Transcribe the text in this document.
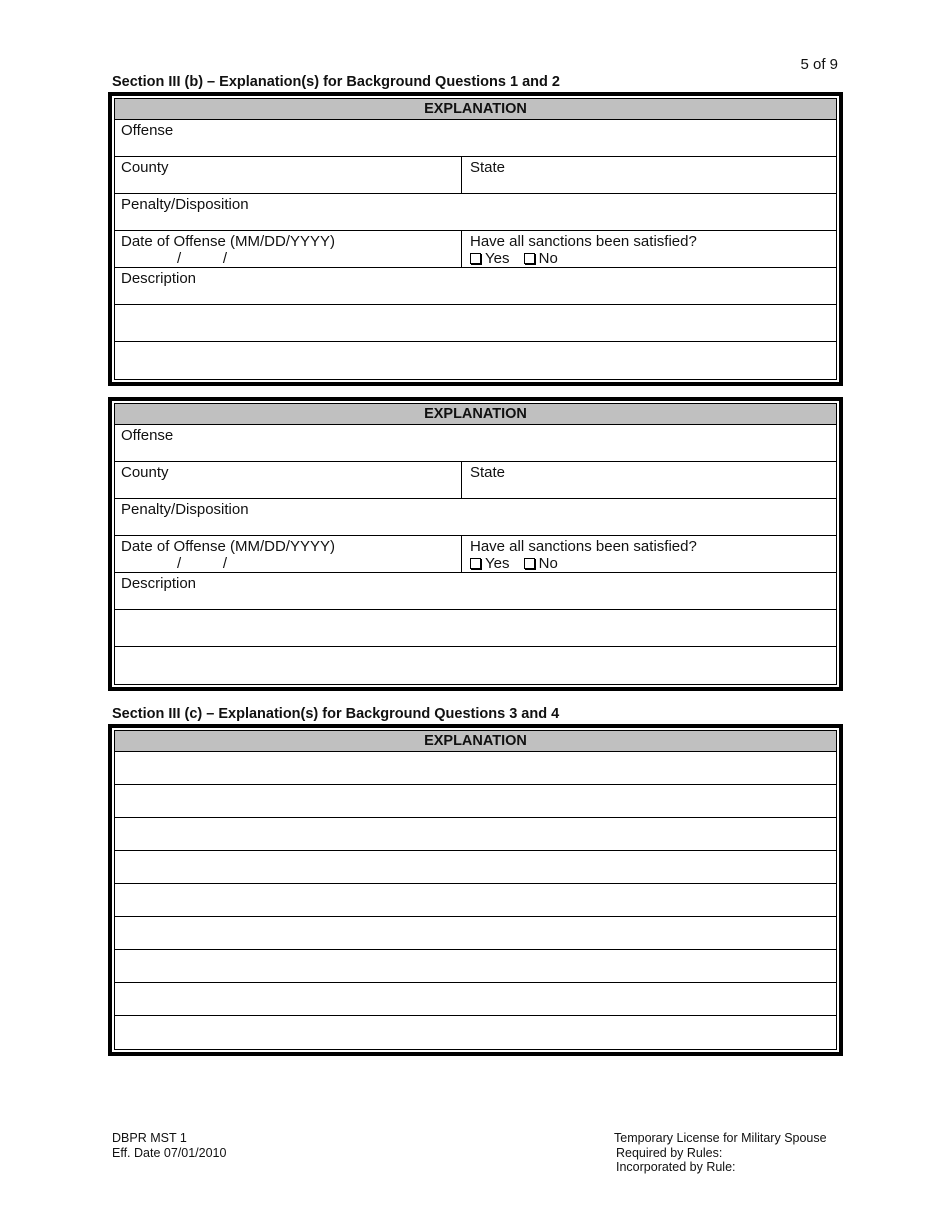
5 of 9
Section III (b) – Explanation(s) for Background Questions 1 and 2
EXPLANATION
Offense
County	State
Penalty/Disposition
Date of Offense (MM/DD/YYYY)
/          /
Have all sanctions been satisfied?
Yes No
Description
EXPLANATION
Offense
County	State
Penalty/Disposition
Date of Offense (MM/DD/YYYY)
/          /
Have all sanctions been satisfied?
Yes No
Description
Section III (c) – Explanation(s) for Background Questions 3 and 4
EXPLANATION
DBPR MST 1
Eff. Date 07/01/2010
Temporary License for Military Spouse
Required by Rules:
Incorporated by Rule:
